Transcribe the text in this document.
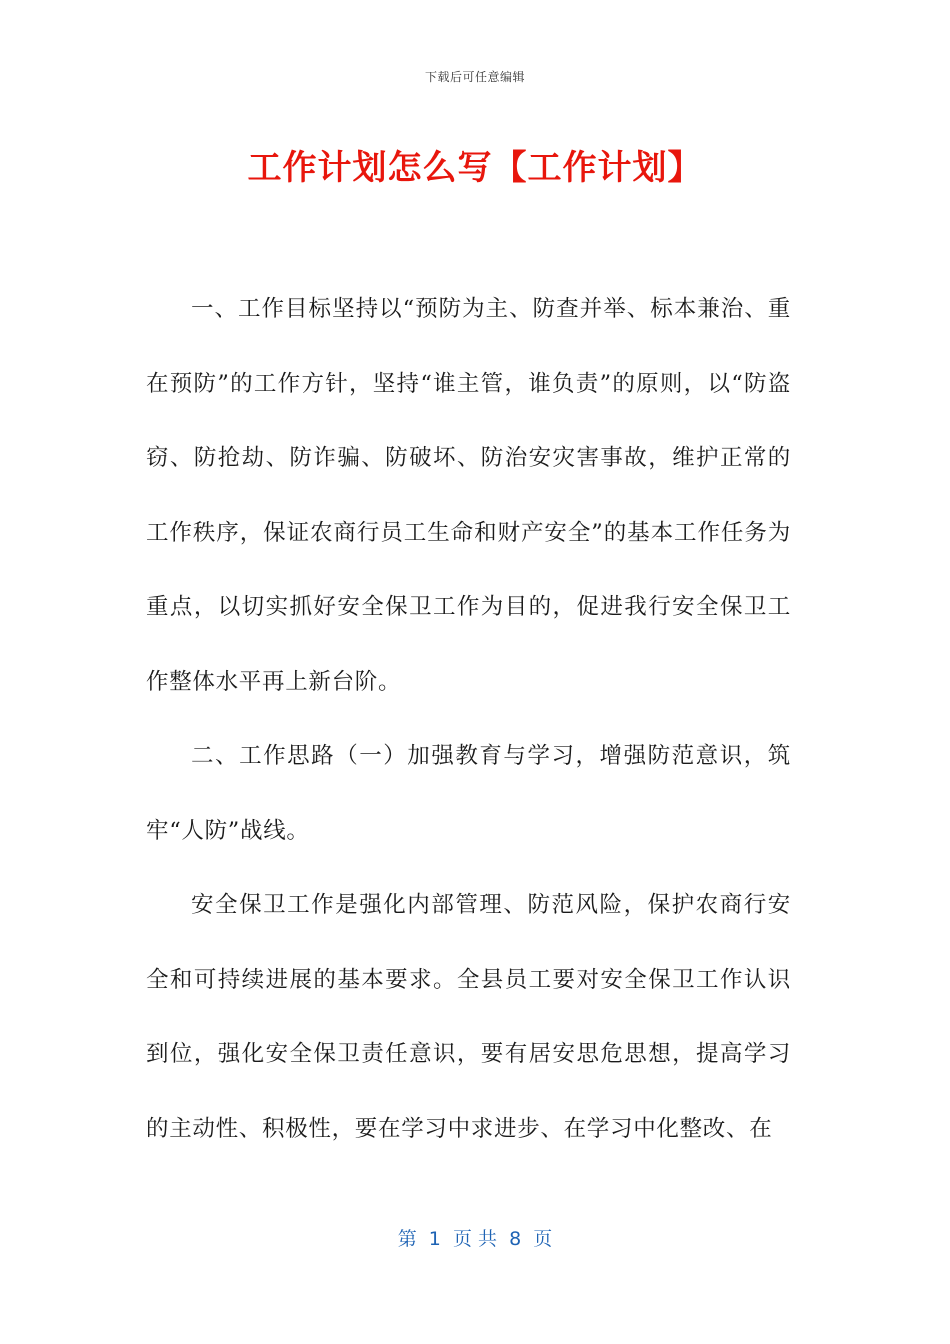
下载后可任意编辑
工作计划怎么写【工作计划】

一、工作目标坚持以“预防为主、防查并举、标本兼治、重在预防”的工作方针，坚持“谁主管，谁负责”的原则，以“防盗窃、防抢劫、防诈骗、防破坏、防治安灾害事故，维护正常的工作秩序，保证农商行员工生命和财产安全”的基本工作任务为重点，以切实抓好安全保卫工作为目的，促进我行安全保卫工作整体水平再上新台阶。

二、工作思路（一）加强教育与学习，增强防范意识，筑牢“人防”战线。

安全保卫工作是强化内部管理、防范风险，保护农商行安全和可持续进展的基本要求。全县员工要对安全保卫工作认识到位，强化安全保卫责任意识，要有居安思危思想，提高学习的主动性、积极性，要在学习中求进步、在学习中化整改、在

第  1  页 共  8  页
